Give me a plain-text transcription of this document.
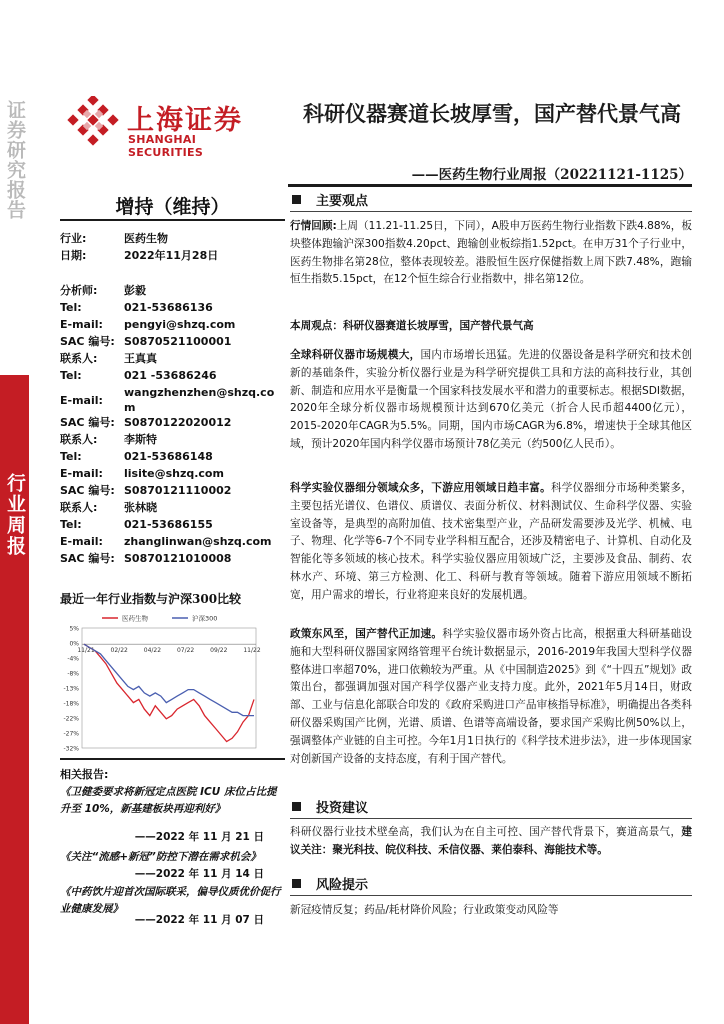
证券研究报告
行业周报
上海证券
SHANGHAI SECURITIES
科研仪器赛道长坡厚雪，国产替代景气高
——医药生物行业周报（20221121-1125）
增持（维持）
行业:	医药生物
日期:	2022年11月28日
分析师:	彭毅
Tel:	021-53686136
E-mail:	pengyi@shzq.com
SAC 编号: S0870521100001
联系人:	王真真
Tel:	021 -53686246
E-mail:
wangzhenzhen@shzq.co m
SAC 编号: S0870122020012
联系人:	李斯特
Tel:	021-53686148
E-mail:	lisite@shzq.com
SAC 编号: S0870121110002
联系人:	张林晓
Tel:	021-53686155
E-mail:	zhanglinwan@shzq.com
SAC 编号: S0870121010008
最近一年行业指数与沪深300比较
5%
0%
-4%
-8%
-13%
-18%
-22%
-27%
-32%
11/21	02/22	04/22	07/22	09/22	11/22
医药生物	沪深300
相关报告:
《卫健委要求将新冠定点医院 ICU 床位占比提升至 10%，新基建板块再迎利好》
——2022 年 11 月 21 日
《关注“流感+新冠”防控下潜在需求机会》
——2022 年 11 月 14 日
《中药饮片迎首次国际联采，偏导仪质优价促行业健康发展》
——2022 年 11 月 07 日
主要观点
行情回顾:上周（11.21-11.25日，下同），A股申万医药生物行业指数下跌4.88%，板块整体跑输沪深300指数4.20pct、跑输创业板综指1.52pct。在申万31个子行业中，医药生物排名第28位，整体表现较差。港股恒生医疗保健指数上周下跌7.48%，跑输恒生指数5.15pct，在12个恒生综合行业指数中，排名第12位。
本周观点：科研仪器赛道长坡厚雪，国产替代景气高
全球科研仪器市场规模大，国内市场增长迅猛。先进的仪器设备是科学研究和技术创新的基础条件，实验分析仪器行业是为科学研究提供工具和方法的高科技行业，其创新、制造和应用水平是衡量一个国家科技发展水平和潜力的重要标志。根据SDI数据，2020年全球分析仪器市场规模预计达到670亿美元（折合人民币超4400亿元），2015-2020年CAGR为5.5%。同期，国内市场CAGR为6.8%，增速快于全球其他区域，预计2020年国内科学仪器市场预计78亿美元（约500亿人民币）。
科学实验仪器细分领域众多，下游应用领域日趋丰富。科学仪器细分市场种类繁多，主要包括光谱仪、色谱仪、质谱仪、表面分析仪、材料测试仪、生命科学仪器、实验室设备等，是典型的高附加值、技术密集型产业，产品研发需要涉及光学、机械、电子、物理、化学等6-7个不同专业学科相互配合，还涉及精密电子、计算机、自动化及智能化等多领域的核心技术。科学实验仪器应用领域广泛，主要涉及食品、制药、农林水产、环境、第三方检测、化工、科研与教育等领域。随着下游应用领域不断拓宽，用户需求的增长，行业将迎来良好的发展机遇。
政策东风至，国产替代正加速。科学实验仪器市场外资占比高，根据重大科研基础设施和大型科研仪器国家网络管理平台统计数据显示，2016-2019年我国大型科学仪器整体进口率超70%，进口依赖较为严重。从《中国制造2025》到《“十四五”规划》政策出台，都强调加强对国产科学仪器产业支持力度。此外，2021年5月14日，财政部、工业与信息化部联合印发的《政府采购进口产品审核指导标准》，明确提出各类科研仪器采购国产比例，光谱、质谱、色谱等高端设备，要求国产采购比例50%以上，强调整体产业链的自主可控。今年1月1日执行的《科学技术进步法》，进一步体现国家对创新国产设备的支持态度，有利于国产替代。
投资建议
科研仪器行业技术壁垒高，我们认为在自主可控、国产替代背景下，赛道高景气，建议关注：聚光科技、皖仪科技、禾信仪器、莱伯泰科、海能技术等。
风险提示
新冠疫情反复；药品/耗材降价风险；行业政策变动风险等
